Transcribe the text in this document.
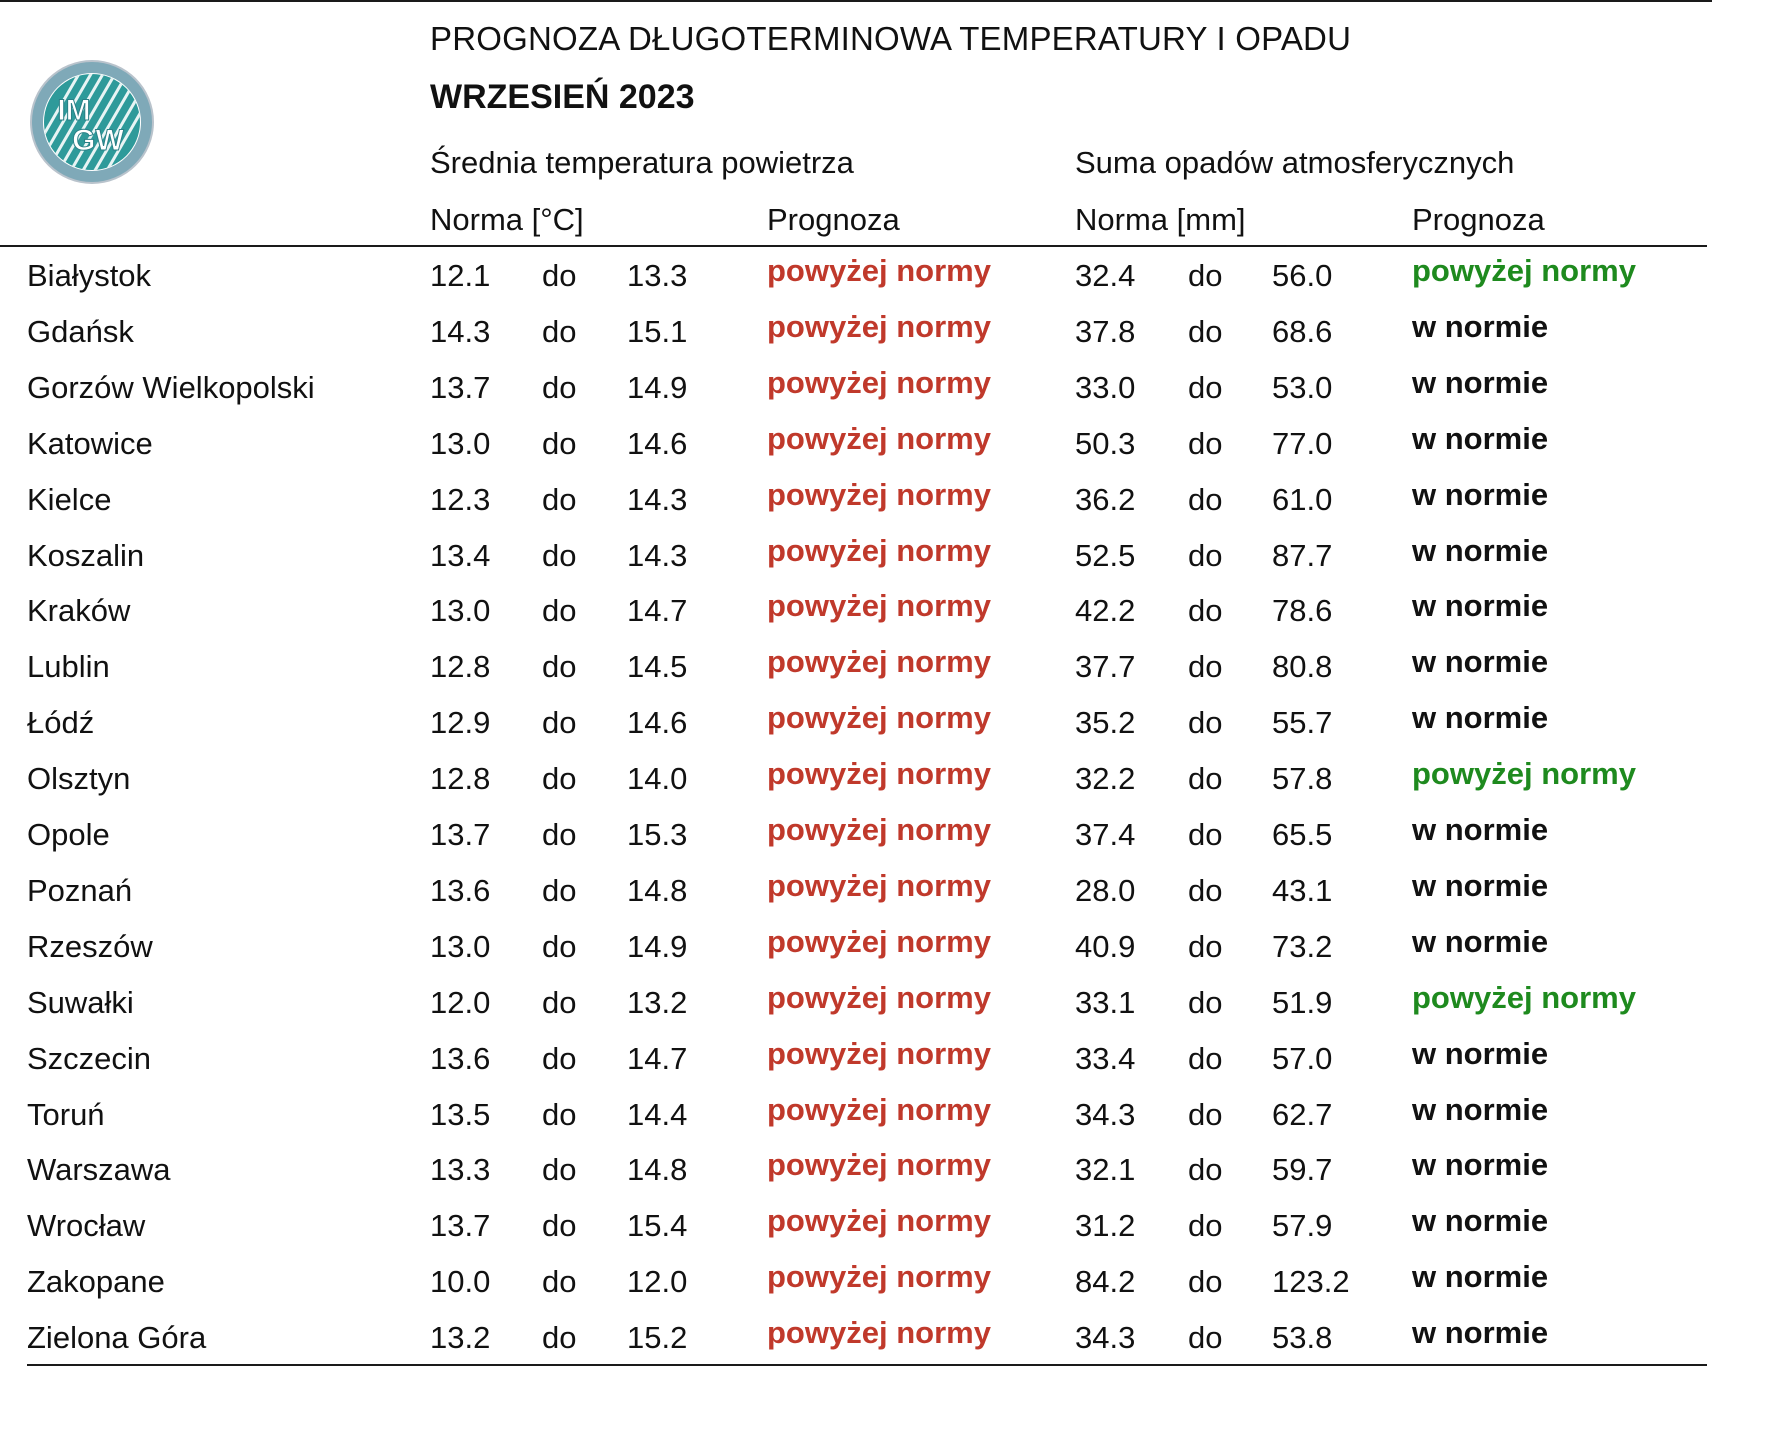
IM
GW
PROGNOZA DŁUGOTERMINOWA TEMPERATURY I OPADU
WRZESIEŃ 2023
Średnia temperatura powietrza	Suma opadów atmosferycznych
Norma [°C]	Prognoza	Norma [mm]	Prognoza
Białystok	12.1 do 13.3	powyżej normy	32.4 do 56.0	powyżej normy
Gdańsk	14.3 do 15.1	powyżej normy	37.8 do 68.6	w normie
Gorzów Wielkopolski	13.7 do 14.9	powyżej normy	33.0 do 53.0	w normie
Katowice	13.0 do 14.6	powyżej normy	50.3 do 77.0	w normie
Kielce	12.3 do 14.3	powyżej normy	36.2 do 61.0	w normie
Koszalin	13.4 do 14.3	powyżej normy	52.5 do 87.7	w normie
Kraków	13.0 do 14.7	powyżej normy	42.2 do 78.6	w normie
Lublin	12.8 do 14.5	powyżej normy	37.7 do 80.8	w normie
Łódź	12.9 do 14.6	powyżej normy	35.2 do 55.7	w normie
Olsztyn	12.8 do 14.0	powyżej normy	32.2 do 57.8	powyżej normy
Opole	13.7 do 15.3	powyżej normy	37.4 do 65.5	w normie
Poznań	13.6 do 14.8	powyżej normy	28.0 do 43.1	w normie
Rzeszów	13.0 do 14.9	powyżej normy	40.9 do 73.2	w normie
Suwałki	12.0 do 13.2	powyżej normy	33.1 do 51.9	powyżej normy
Szczecin	13.6 do 14.7	powyżej normy	33.4 do 57.0	w normie
Toruń	13.5 do 14.4	powyżej normy	34.3 do 62.7	w normie
Warszawa	13.3 do 14.8	powyżej normy	32.1 do 59.7	w normie
Wrocław	13.7 do 15.4	powyżej normy	31.2 do 57.9	w normie
Zakopane	10.0 do 12.0	powyżej normy	84.2 do 123.2 w normie
Zielona Góra	13.2 do 15.2	powyżej normy	34.3 do 53.8	w normie
